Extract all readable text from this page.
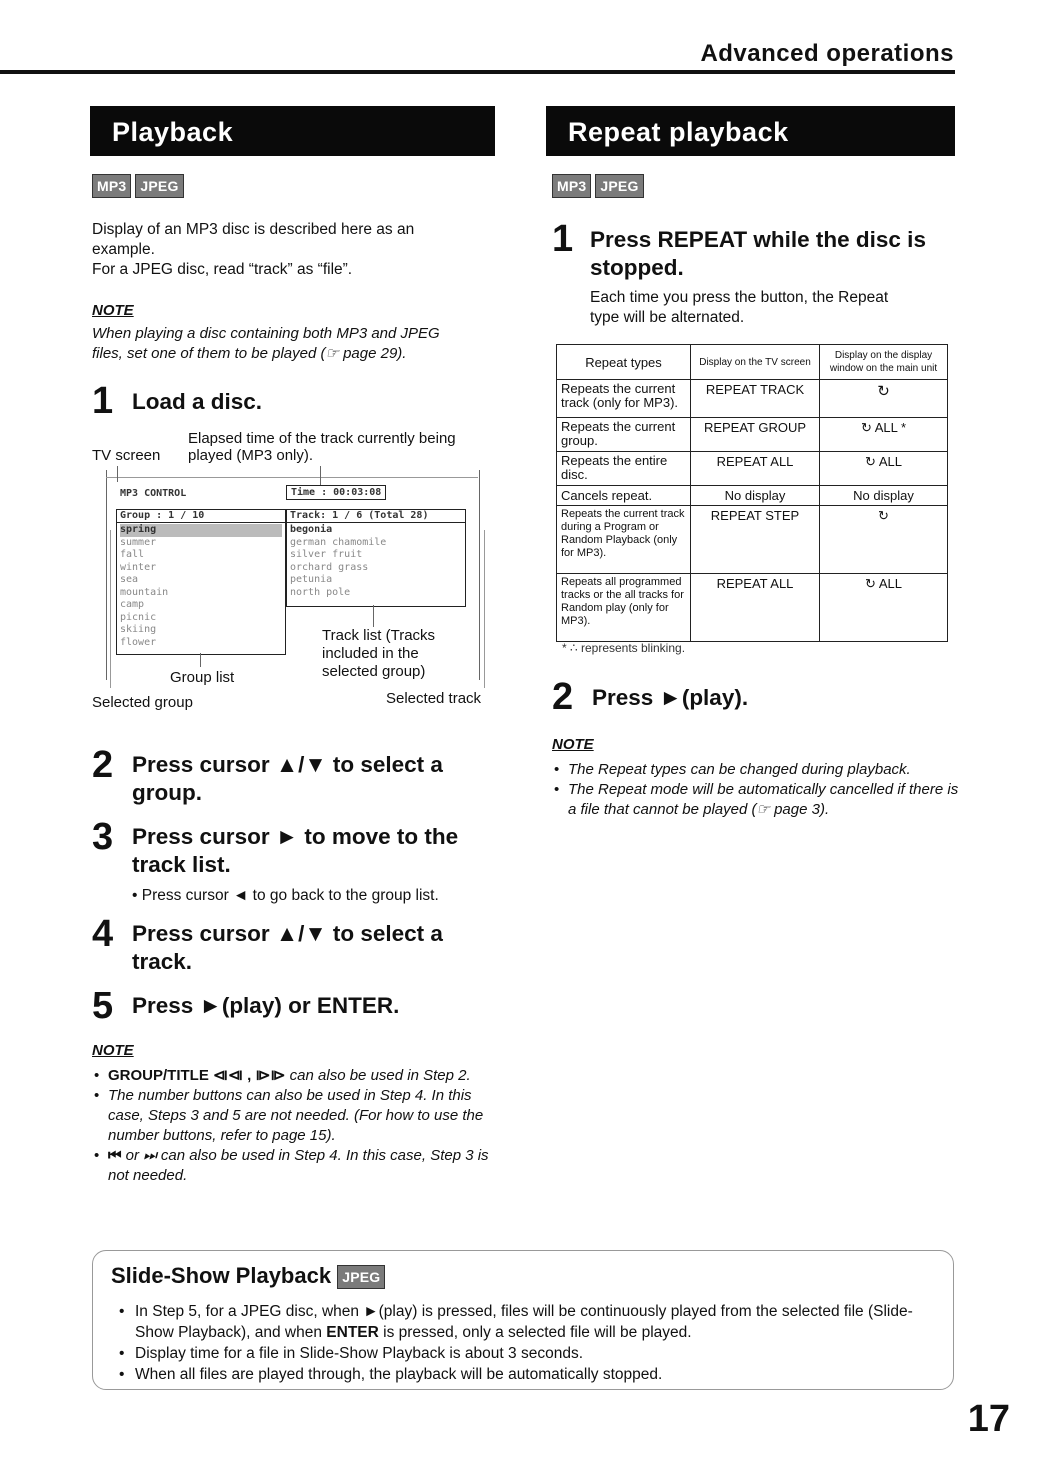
Advanced operations
Playback
MP3 JPEG
Display of an MP3 disc is described here as an
example.
For a JPEG disc, read “track” as “file”.
NOTE
When playing a disc containing both MP3 and JPEG
files, set one of them to be played (☞ page 29).
1 Load a disc.
Elapsed time of the track currently being
TV screen played (MP3 only).
MP3 CONTROL	Time : 00:03:08
Group : 1 / 10
spring
summer
fall
winter
sea
mountain
camp
picnic
skiing
flower
Track: 1 / 6 (Total 28)
begonia
german chamomile
silver fruit
orchard grass
petunia
north pole
Track list (Tracks
included in the
selected group)
Group list
Selected group	Selected track
2 Press cursor ▲/▼ to select a
group.
3 Press cursor ► to move to the
track list.
• Press cursor ◄ to go back to the group list.
4 Press cursor ▲/▼ to select a
track.
5 Press ►(play) or ENTER.
NOTE
• GROUP/TITLE ⧏⧏ , ⧐⧐ can also be used in Step 2.
• The number buttons can also be used in Step 4. In this case, Steps 3 and 5 are not needed. (For how to use the number buttons, refer to page 15).
• ⏮ or ⏭ can also be used in Step 4. In this case, Step 3 is not needed.
Repeat playback
MP3 JPEG
1 Press REPEAT while the disc is
stopped.
Each time you press the button, the Repeat
type will be alternated.
Repeat types	Display on the TV screen	Display on the display window on the main unit
Repeats the current track (only for MP3).	REPEAT TRACK	↻
Repeats the current group.	REPEAT GROUP	↻ ALL *
Repeats the entire disc.	REPEAT ALL	↻ ALL
Cancels repeat.	No display	No display
Repeats the current track during a Program or Random Playback (only for MP3).	REPEAT STEP	↻
Repeats all programmed tracks or the all tracks for Random play (only for MP3).	REPEAT ALL	↻ ALL
* ∴ represents blinking.
2 Press ►(play).
NOTE
• The Repeat types can be changed during playback.
• The Repeat mode will be automatically cancelled if there is a file that cannot be played (☞ page 3).
Slide-Show Playback JPEG
• In Step 5, for a JPEG disc, when ►(play) is pressed, files will be continuously played from the selected file (Slide-Show Playback), and when ENTER is pressed, only a selected file will be played.
• Display time for a file in Slide-Show Playback is about 3 seconds.
• When all files are played through, the playback will be automatically stopped.
17
